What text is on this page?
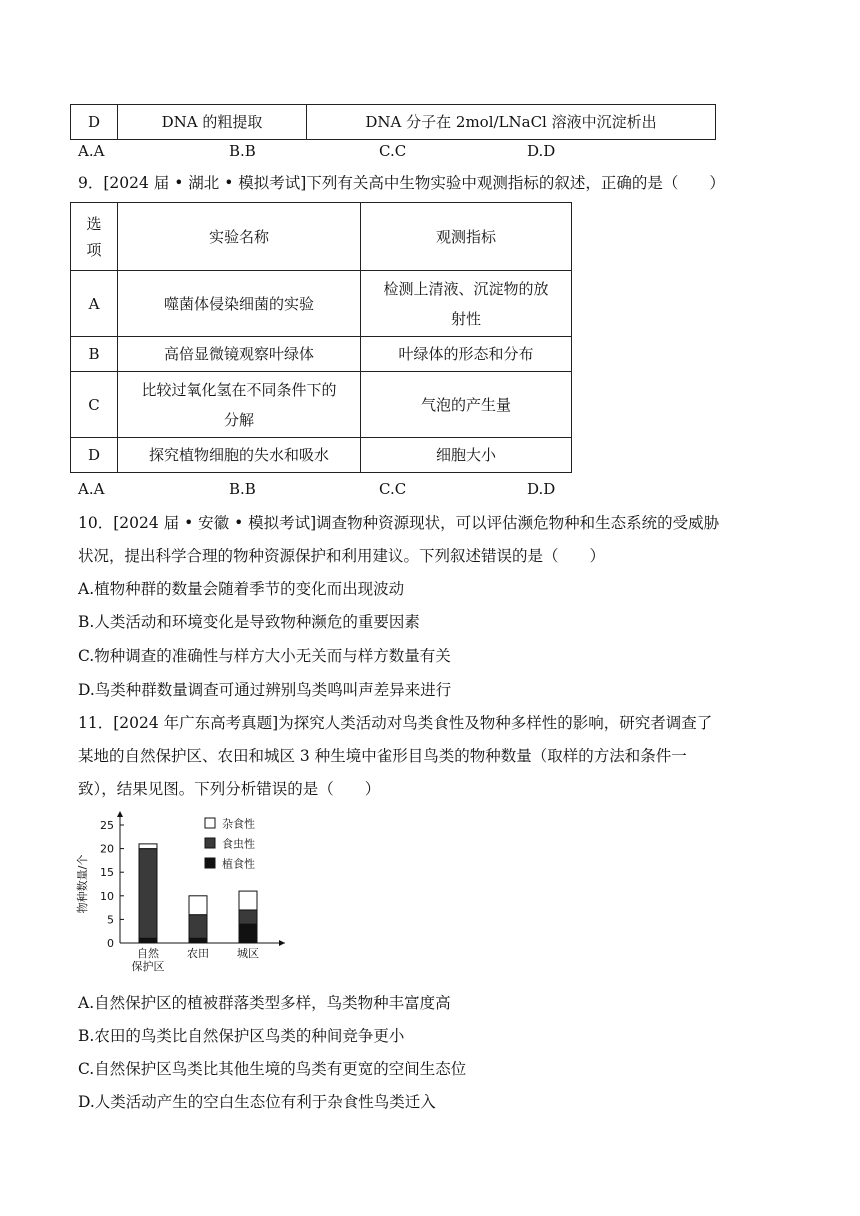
D	DNA 的粗提取	DNA 分子在 2mol/LNaCl 溶液中沉淀析出
A.A	B.B	C.C	D.D
9．[2024 届 • 湖北 • 模拟考试]下列有关高中生物实验中观测指标的叙述，正确的是（　　）
选
项	实验名称	观测指标
A	噬菌体侵染细菌的实验	检测上清液、沉淀物的放
射性

B	高倍显微镜观察叶绿体	叶绿体的形态和分布
C	比较过氧化氢在不同条件下的
分解	气泡的产生量
D	探究植物细胞的失水和吸水	细胞大小
A.A	B.B	C.C	D.D
10．[2024 届 • 安徽 • 模拟考试]调查物种资源现状，可以评估濒危物种和生态系统的受威胁
状况，提出科学合理的物种资源保护和利用建议。下列叙述错误的是（　　）
A.植物种群的数量会随着季节的变化而出现波动
B.人类活动和环境变化是导致物种濒危的重要因素
C.物种调查的准确性与样方大小无关而与样方数量有关
D.鸟类种群数量调查可通过辨别鸟类鸣叫声差异来进行
11．[2024 年广东高考真题]为探究人类活动对鸟类食性及物种多样性的影响，研究者调查了
某地的自然保护区、农田和城区 3 种生境中雀形目鸟类的物种数量（取样的方法和条件一
致），结果见图。下列分析错误的是（　　）
0
5
10
15
20
25
物种数量/个
自然
保护区
农田	城区
杂食性
食虫性
植食性
A.自然保护区的植被群落类型多样，鸟类物种丰富度高
B.农田的鸟类比自然保护区鸟类的种间竞争更小
C.自然保护区鸟类比其他生境的鸟类有更宽的空间生态位
D.人类活动产生的空白生态位有利于杂食性鸟类迁入
